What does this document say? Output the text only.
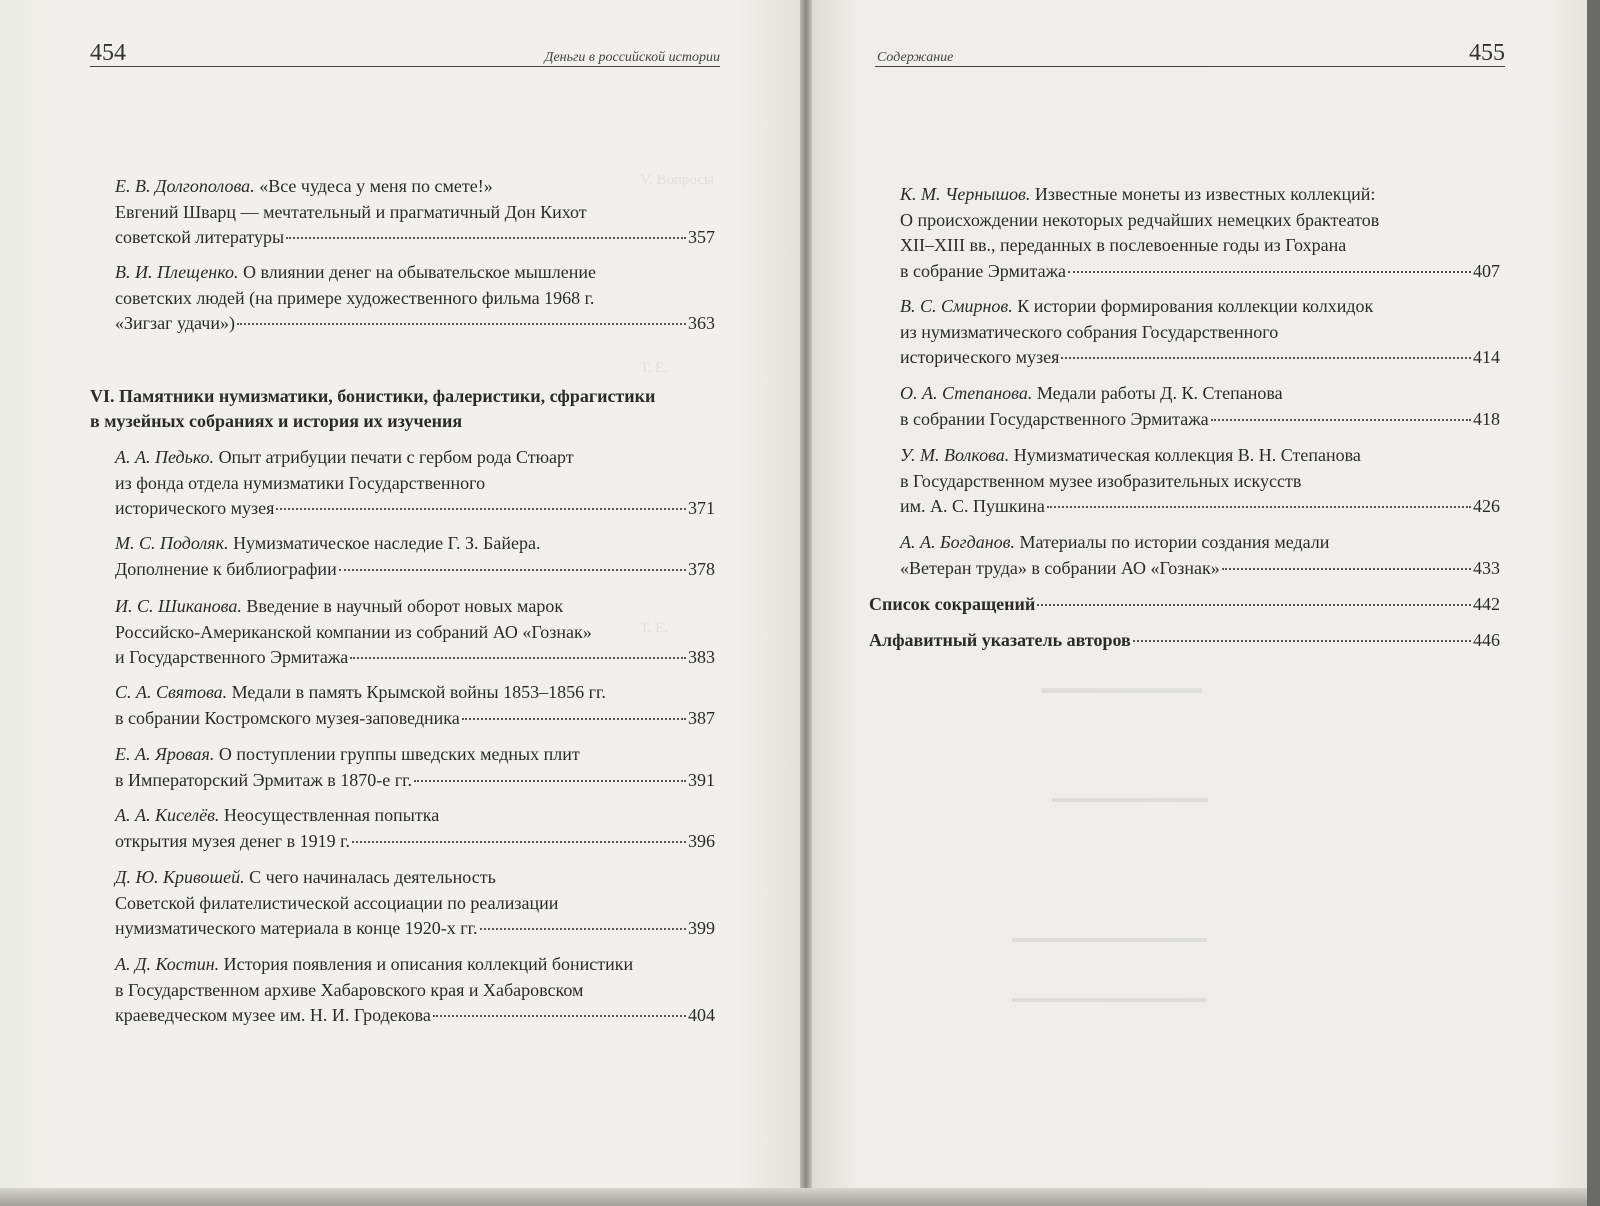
454	Деньги в российской истории
V. Вопросы
Т. Е.
Т. Е.
Е. В. Долгополова. «Все чудеса у меня по смете!»
Евгений Шварц — мечтательный и прагматичный Дон Кихот
советской литературы	357
В. И. Плещенко. О влиянии денег на обывательское мышление
советских людей (на примере художественного фильма 1968 г.
«Зигзаг удачи»)	363
VI. Памятники нумизматики, бонистики, фалеристики, сфрагистики
в музейных собраниях и история их изучения
А. А. Педько. Опыт атрибуции печати с гербом рода Стюарт
из фонда отдела нумизматики Государственного
исторического музея	371
М. С. Подоляк. Нумизматическое наследие Г. З. Байера.
Дополнение к библиографии	378
И. С. Шиканова. Введение в научный оборот новых марок
Российско-Американской компании из собраний АО «Гознак»
и Государственного Эрмитажа	383
С. А. Святова. Медали в память Крымской войны 1853–1856 гг.
в собрании Костромского музея-заповедника	387
Е. А. Яровая. О поступлении группы шведских медных плит
в Императорский Эрмитаж в 1870-е гг.	391
А. А. Киселёв. Неосуществленная попытка
открытия музея денег в 1919 г.	396
Д. Ю. Кривошей. С чего начиналась деятельность
Советской филателистической ассоциации по реализации
нумизматического материала в конце 1920-х гг.	399
А. Д. Костин. История появления и описания коллекций бонистики
в Государственном архиве Хабаровского края и Хабаровском
краеведческом музее им. Н. И. Гродекова	404
Содержание	455
▬▬▬▬▬▬▬▬▬▬
▬▬▬▬▬▬▬▬▬▬▬▬
▬▬▬▬▬▬▬▬▬▬▬▬▬▬▬
▬▬▬▬▬▬▬▬▬▬▬▬▬▬▬
К. М. Чернышов. Известные монеты из известных коллекций:
О происхождении некоторых редчайших немецких брактеатов
XII–XIII вв., переданных в послевоенные годы из Гохрана
в собрание Эрмитажа	407
В. С. Смирнов. К истории формирования коллекции колхидок
из нумизматического собрания Государственного
исторического музея	414
О. А. Степанова. Медали работы Д. К. Степанова
в собрании Государственного Эрмитажа	418
У. М. Волкова. Нумизматическая коллекция В. Н. Степанова
в Государственном музее изобразительных искусств
им. А. С. Пушкина	426
А. А. Богданов. Материалы по истории создания медали
«Ветеран труда» в собрании АО «Гознак»	433
Список сокращений	442
Алфавитный указатель авторов	446
